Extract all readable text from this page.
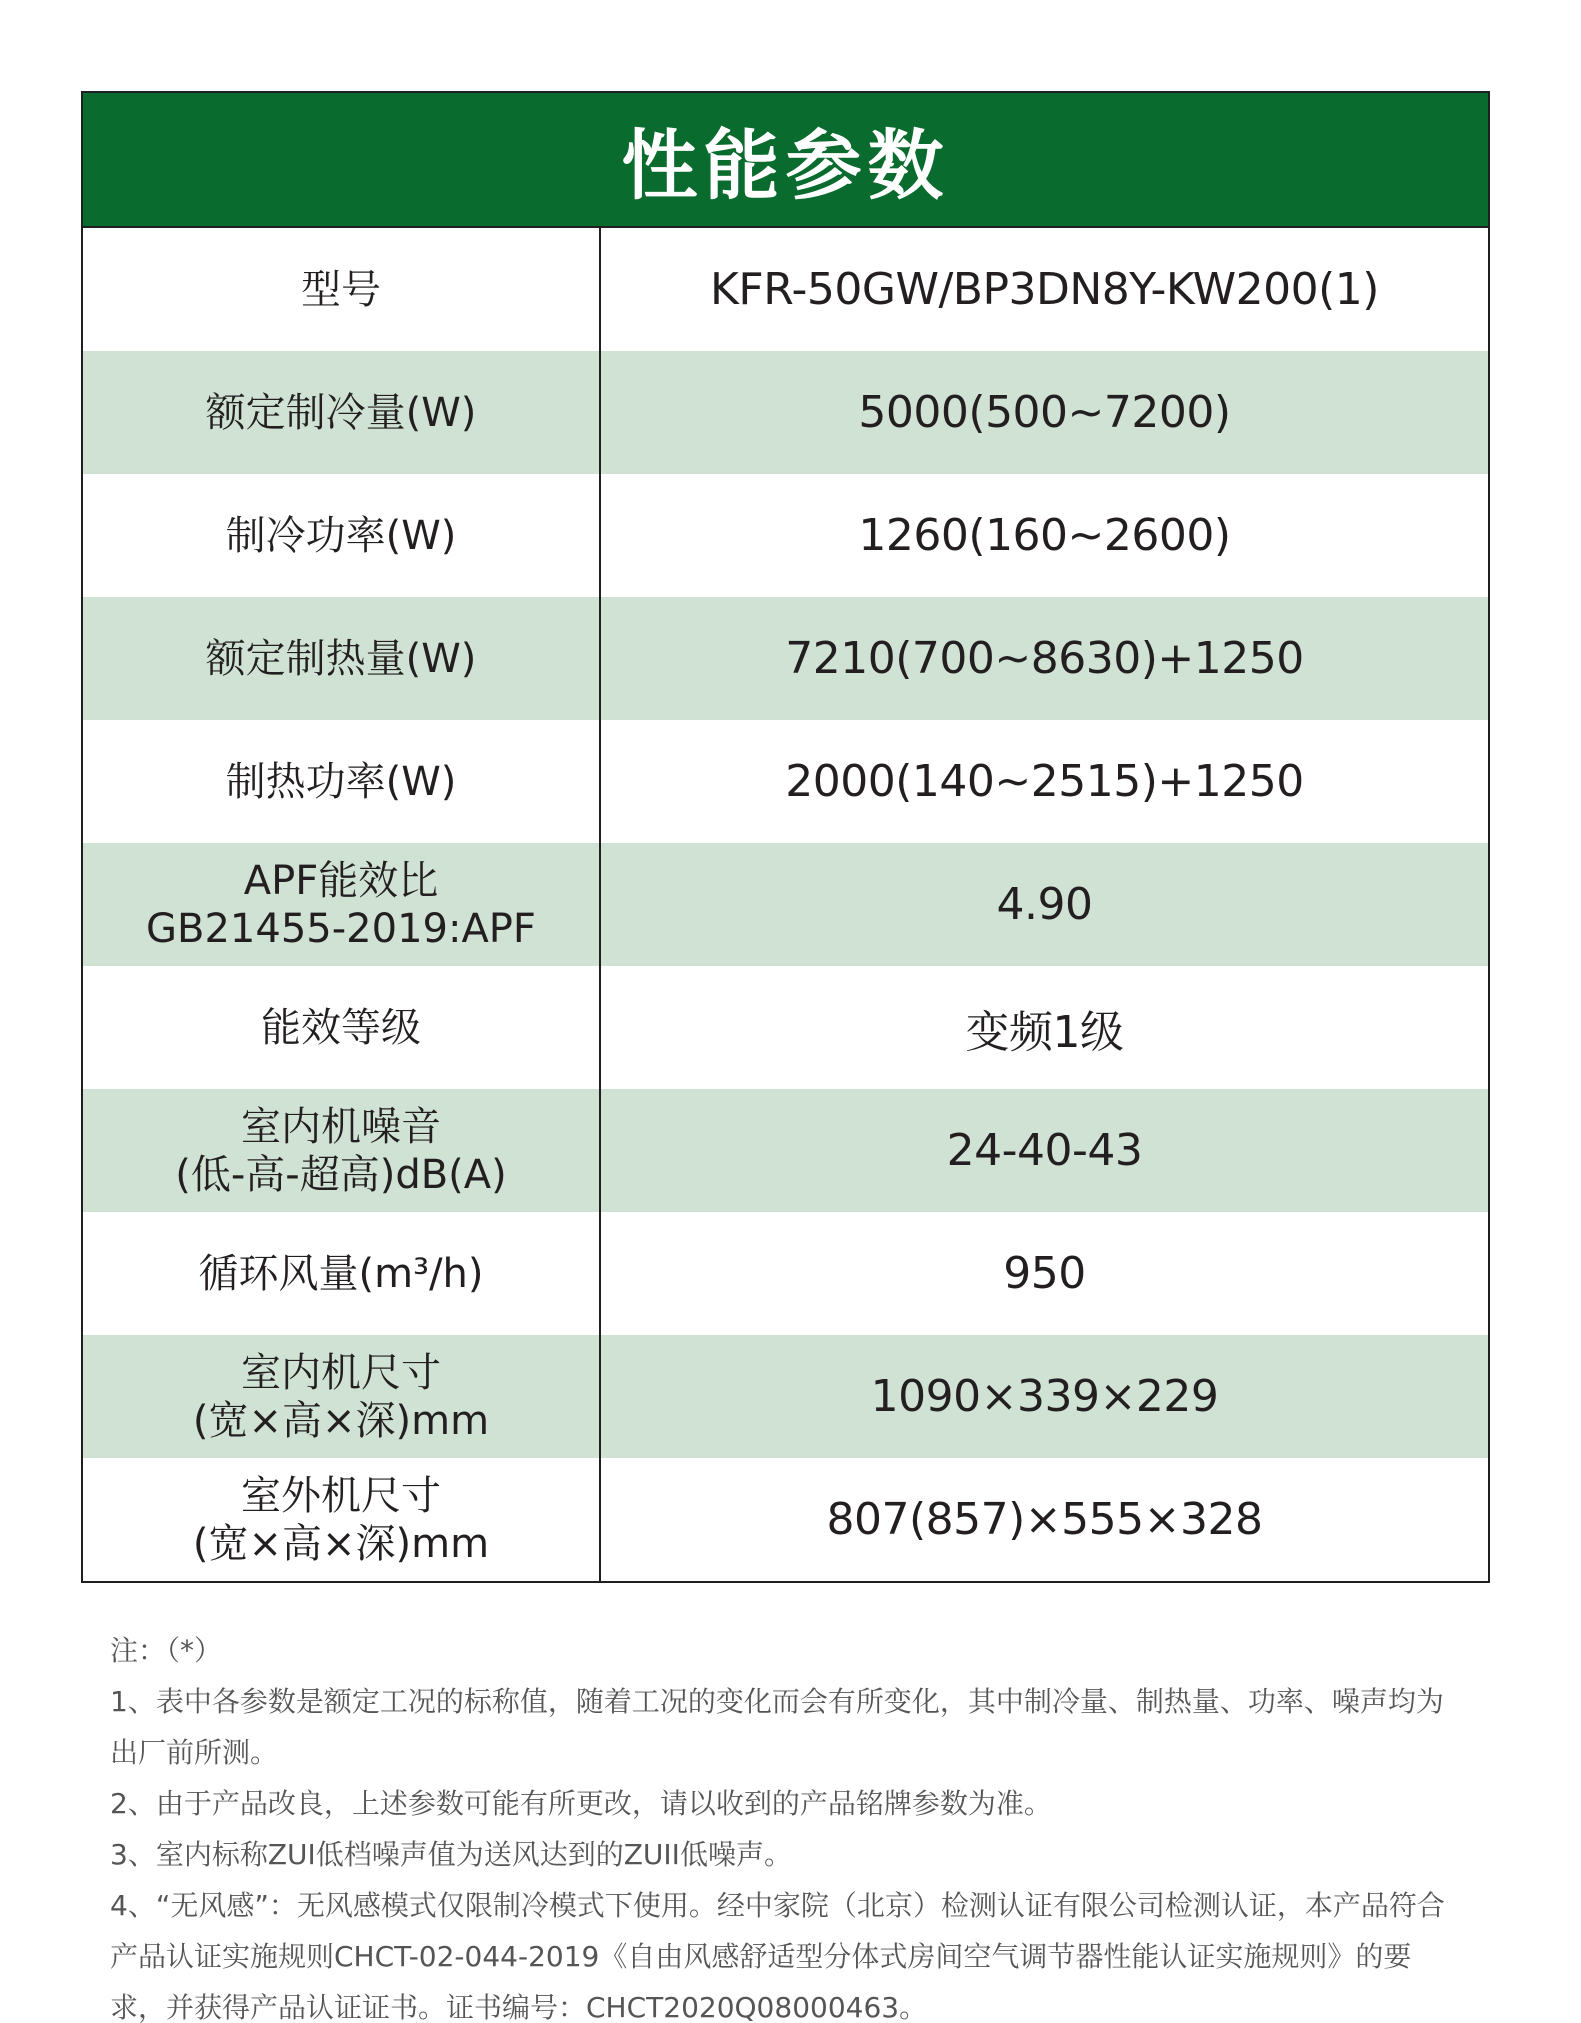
性能参数
型号	KFR-50GW/BP3DN8Y-KW200(1)
额定制冷量(W)	5000(500~7200)
制冷功率(W)	1260(160~2600)
额定制热量(W)	7210(700~8630)+1250
制热功率(W)	2000(140~2515)+1250
APF能效比
GB21455-2019:APF	4.90
能效等级	变频1级
室内机噪音
(低-高-超高)dB(A)	24-40-43
循环风量(m³/h)	950
室内机尺寸
(宽×高×深)mm	1090×339×229
室外机尺寸
(宽×高×深)mm	807(857)×555×328

注：（*）

1、表中各参数是额定工况的标称值，随着工况的变化而会有所变化，其中制冷量、制热量、功率、噪声均为出厂前所测。

2、由于产品改良，上述参数可能有所更改，请以收到的产品铭牌参数为准。

3、室内标称ZUI低档噪声值为送风达到的ZUII低噪声。

4、“无风感”：无风感模式仅限制冷模式下使用。经中家院（北京）检测认证有限公司检测认证，本产品符合产品认证实施规则CHCT-02-044-2019《自由风感舒适型分体式房间空气调节器性能认证实施规则》的要求，并获得产品认证证书。证书编号：CHCT2020Q08000463。
